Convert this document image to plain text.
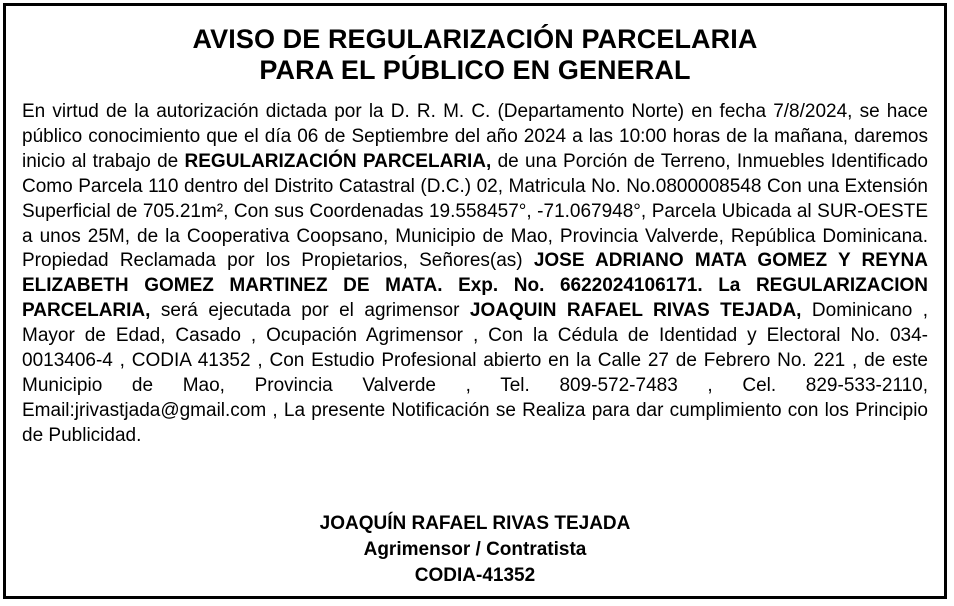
AVISO DE REGULARIZACIÓN PARCELARIA
PARA EL PÚBLICO EN GENERAL
En virtud de la autorización dictada por la D. R. M. C. (Departamento Norte) en fecha 7/8/2024, se hace público conocimiento que el día 06 de Septiembre del año 2024 a las 10:00 horas de la mañana, daremos inicio al trabajo de REGULARIZACIÓN PARCELARIA, de una Porción de Terreno, Inmuebles Identificado Como Parcela 110 dentro del Distrito Catastral (D.C.) 02, Matricula No. No.0800008548 Con una Extensión Superficial de 705.21m², Con sus Coordenadas 19.558457°, -71.067948°, Parcela Ubicada al SUR-OESTE a unos 25M, de la Cooperativa Coopsano, Municipio de Mao, Provincia Valverde, República Dominicana. Propiedad Reclamada por los Propietarios, Señores(as) JOSE ADRIANO MATA GOMEZ Y REYNA ELIZABETH GOMEZ MARTINEZ DE MATA. Exp. No. 6622024106171. La REGULARIZACION PARCELARIA, será ejecutada por el agrimensor JOAQUIN RAFAEL RIVAS TEJADA, Dominicano , Mayor de Edad, Casado , Ocupación Agrimensor , Con la Cédula de Identidad y Electoral No. 034-0013406-4 , CODIA 41352 , Con Estudio Profesional abierto en la Calle 27 de Febrero No. 221 , de este Municipio de Mao, Provincia Valverde , Tel. 809-572-7483 , Cel. 829-533-2110, Email:jrivastjada@gmail.com , La presente Notificación se Realiza para dar cumplimiento con los Principio de Publicidad.
JOAQUÍN RAFAEL RIVAS TEJADA
Agrimensor / Contratista
CODIA-41352
